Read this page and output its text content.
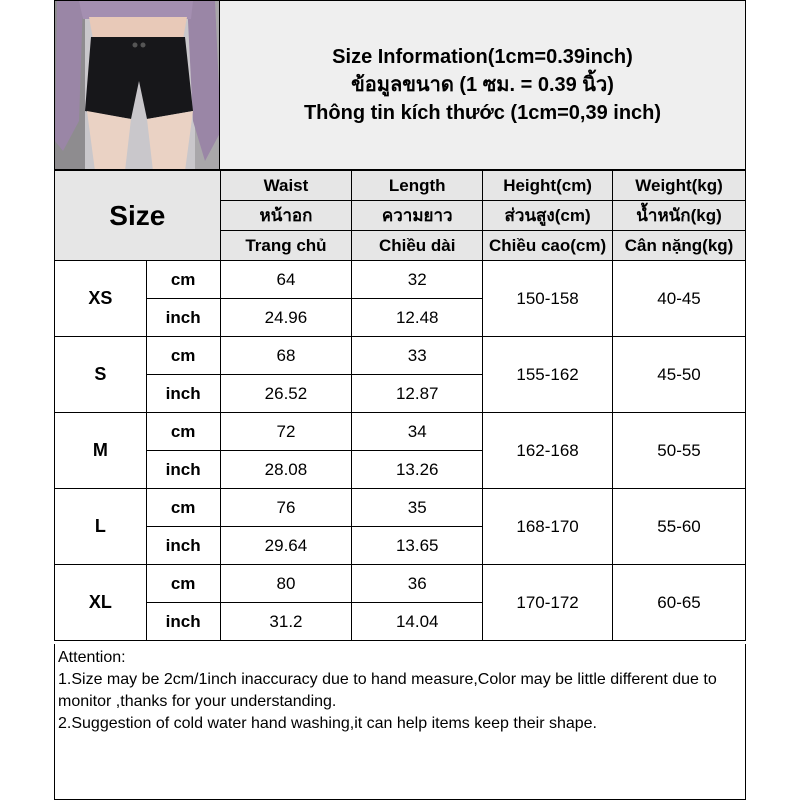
Size Information(1cm=0.39inch)
ข้อมูลขนาด (1 ซม. = 0.39 นิ้ว)
Thông tin kích thước (1cm=0,39 inch)
Size		Waist	Length	Height(cm)	Weight(kg)
		หน้าอก	ความยาว	ส่วนสูง(cm)	น้ำหนัก(kg)
		Trang chủ	Chiều dài	Chiều cao(cm)	Cân nặng(kg)
XS	cm	64	32	150-158	40-45
	inch	24.96	12.48		
S	cm	68	33	155-162	45-50
	inch	26.52	12.87		
M	cm	72	34	162-168	50-55
	inch	28.08	13.26		
L	cm	76	35	168-170	55-60
	inch	29.64	13.65		
XL	cm	80	36	170-172	60-65
	inch	31.2	14.04		
Attention:
1.Size may be 2cm/1inch inaccuracy due to hand measure,Color may be little different due to monitor ,thanks for your understanding.
2.Suggestion of cold water hand washing,it can help items keep their shape.
